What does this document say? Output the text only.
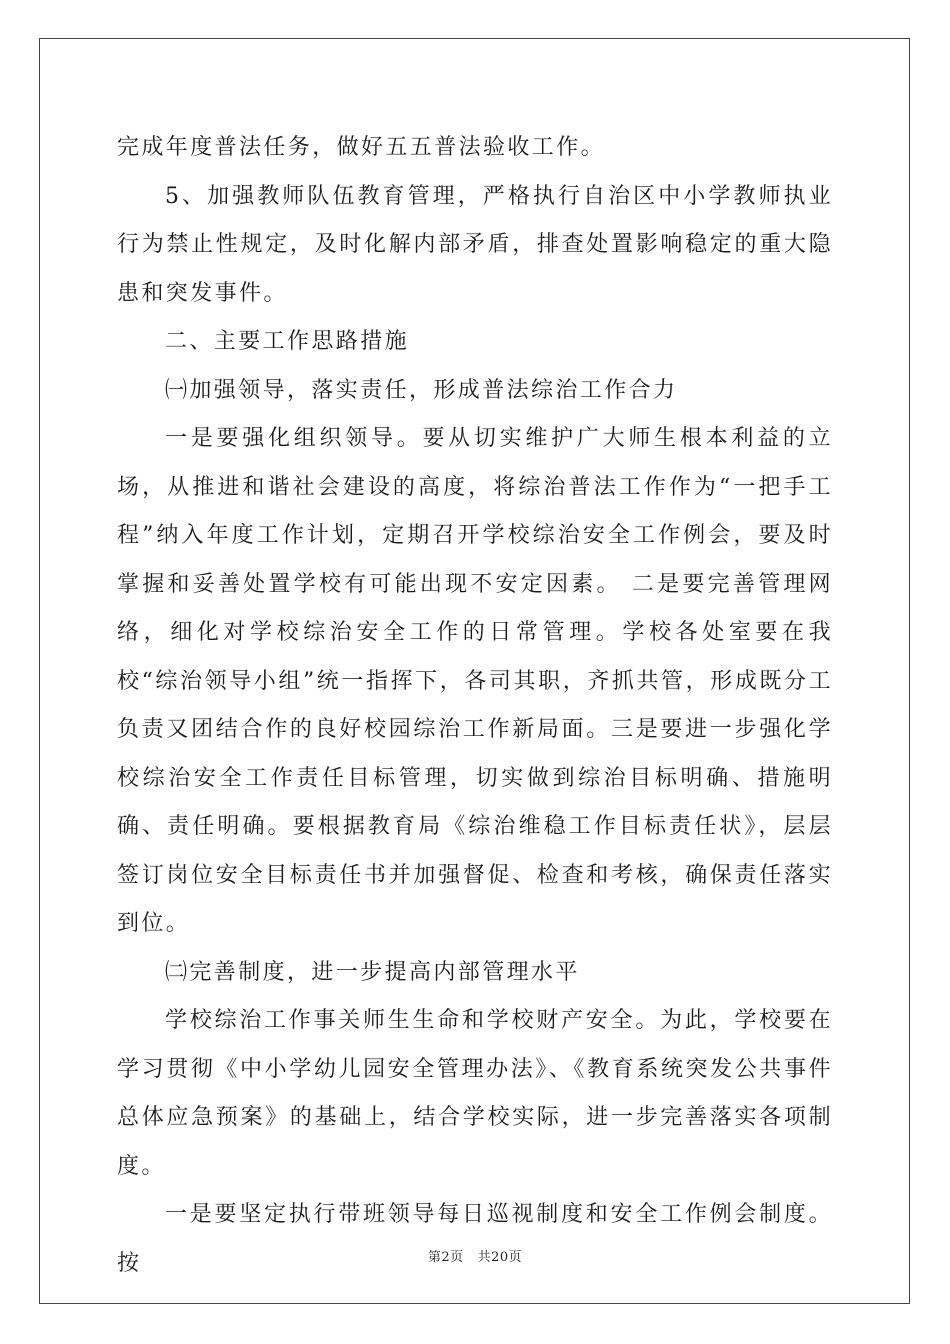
完成年度普法任务，做好五五普法验收工作。

5、加强教师队伍教育管理，严格执行自治区中小学教师执业行为禁止性规定，及时化解内部矛盾，排查处置影响稳定的重大隐患和突发事件。

二、主要工作思路措施

㈠加强领导，落实责任，形成普法综治工作合力

一是要强化组织领导。要从切实维护广大师生根本利益的立场，从推进和谐社会建设的高度，将综治普法工作作为“一把手工程”纳入年度工作计划，定期召开学校综治安全工作例会，要及时掌握和妥善处置学校有可能出现不安定因素。 二是要完善管理网络，细化对学校综治安全工作的日常管理。学校各处室要在我校“综治领导小组”统一指挥下，各司其职，齐抓共管，形成既分工负责又团结合作的良好校园综治工作新局面。三是要进一步强化学校综治安全工作责任目标管理，切实做到综治目标明确、措施明确、责任明确。要根据教育局《综治维稳工作目标责任状》，层层签订岗位安全目标责任书并加强督促、检查和考核，确保责任落实到位。

㈡完善制度，进一步提高内部管理水平

学校综治工作事关师生生命和学校财产安全。为此，学校要在学习贯彻《中小学幼儿园安全管理办法》、《教育系统突发公共事件总体应急预案》的基础上，结合学校实际，进一步完善落实各项制度。

一是要坚定执行带班领导每日巡视制度和安全工作例会制度。按	第2页 共20页
